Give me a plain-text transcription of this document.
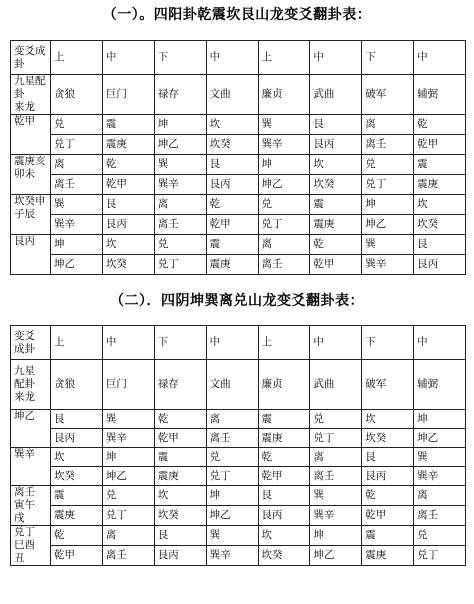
（一）。四阳卦乾震坎艮山龙变爻翻卦表：
变爻成卦	上	中	下	中	上	中	下	中

九星配卦
来龙	贪狼	巨门	禄存	文曲	廉贞	武曲	破军	辅弼
乾甲	兑	震	坤	坎	巽	艮	离	乾
	兑丁	震庚	坤乙	坎癸	巽辛	艮丙	离壬	乾甲

震庚亥
卯未	离	乾	巽	艮	坤	坎	兑	震
	离壬	乾甲	巽辛	艮丙	坤乙	坎癸	兑丁	震庚

坎癸申
子辰	巽	艮	离	乾	兑	震	坤	坎
	巽辛	艮丙	离壬	乾甲	兑丁	震庚	坤乙	坎癸
艮丙	坤	坎	兑	震	离	乾	巽	艮
	坤乙	坎癸	兑丁	震庚	离壬	乾甲	巽辛	艮丙
（二）．四阴坤巽离兑山龙变爻翻卦表：
变爻
成卦	上	中	下	中	上	中	下	中

九星
配卦
来龙	贪狼	巨门	禄存	文曲	廉贞	武曲	破军	辅弼
坤乙	艮	巽	乾	离	震	兑	坎	坤
	艮丙	巽辛	乾甲	离壬	震庚	兑丁	坎癸	坤乙
巽辛	坎	坤	震	兑	乾	离	艮	巽
	坎癸	坤乙	震庚	兑丁	乾甲	离壬	艮丙	巽辛

离壬
寅午
戌	震	兑	坎	坤	艮	巽	乾	离
	震庚	兑丁	坎癸	坤乙	艮丙	巽辛	乾甲	离壬

兑丁
巳酉
丑	乾	离	艮	巽	坎	坤	震	兑
	乾甲	离壬	艮丙	巽辛	坎癸	坤乙	震庚	兑丁
